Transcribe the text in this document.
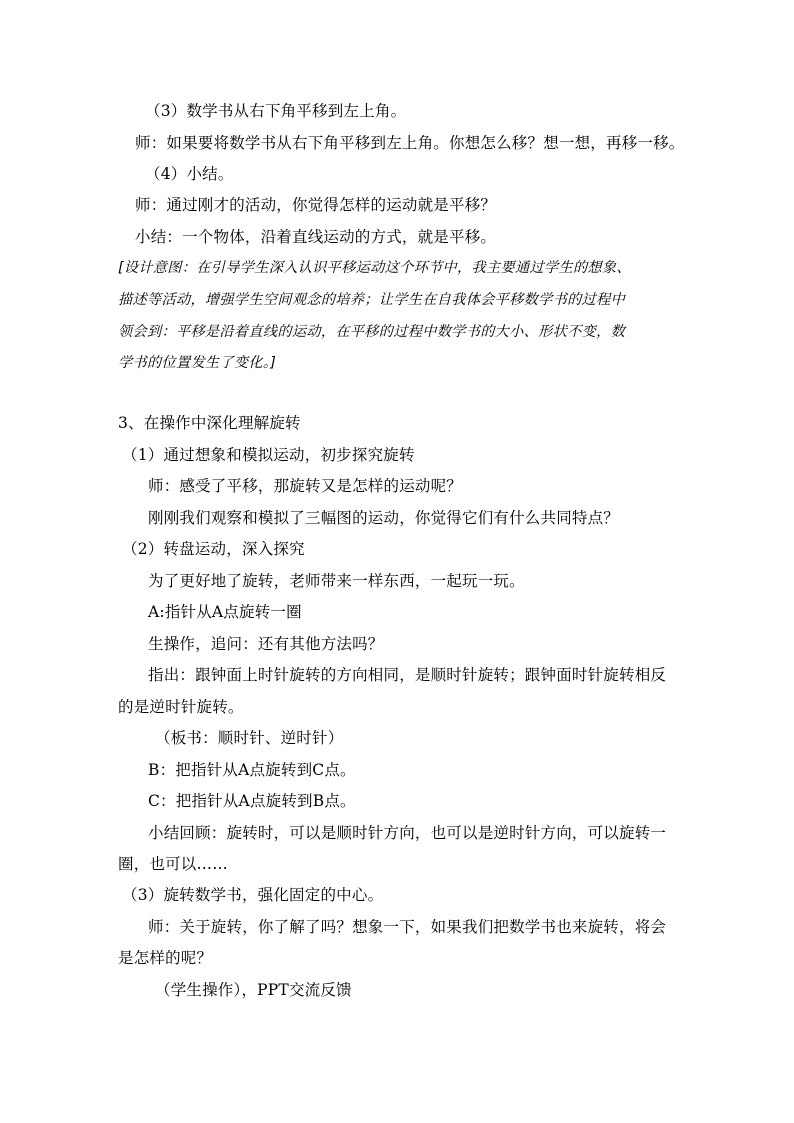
（3）数学书从右下角平移到左上角。
师：如果要将数学书从右下角平移到左上角。你想怎么移？想一想，再移一移。
（4）小结。
师：通过刚才的活动，你觉得怎样的运动就是平移？
小结：一个物体，沿着直线运动的方式，就是平移。
[设计意图：在引导学生深入认识平移运动这个环节中，我主要通过学生的想象、
描述等活动，增强学生空间观念的培养；让学生在自我体会平移数学书的过程中
领会到：平移是沿着直线的运动，在平移的过程中数学书的大小、形状不变，数
学书的位置发生了变化。]
3、在操作中深化理解旋转
（1）通过想象和模拟运动，初步探究旋转
师：感受了平移，那旋转又是怎样的运动呢？
刚刚我们观察和模拟了三幅图的运动，你觉得它们有什么共同特点？
（2）转盘运动，深入探究
为了更好地了旋转，老师带来一样东西，一起玩一玩。
A:指针从A点旋转一圈
生操作，追问：还有其他方法吗？
指出：跟钟面上时针旋转的方向相同，是顺时针旋转；跟钟面时针旋转相反
的是逆时针旋转。
（板书：顺时针、逆时针）
B：把指针从A点旋转到C点。
C：把指针从A点旋转到B点。
小结回顾：旋转时，可以是顺时针方向，也可以是逆时针方向，可以旋转一
圈，也可以……
（3）旋转数学书，强化固定的中心。
师：关于旋转，你了解了吗？想象一下，如果我们把数学书也来旋转，将会
是怎样的呢？
（学生操作），PPT交流反馈
